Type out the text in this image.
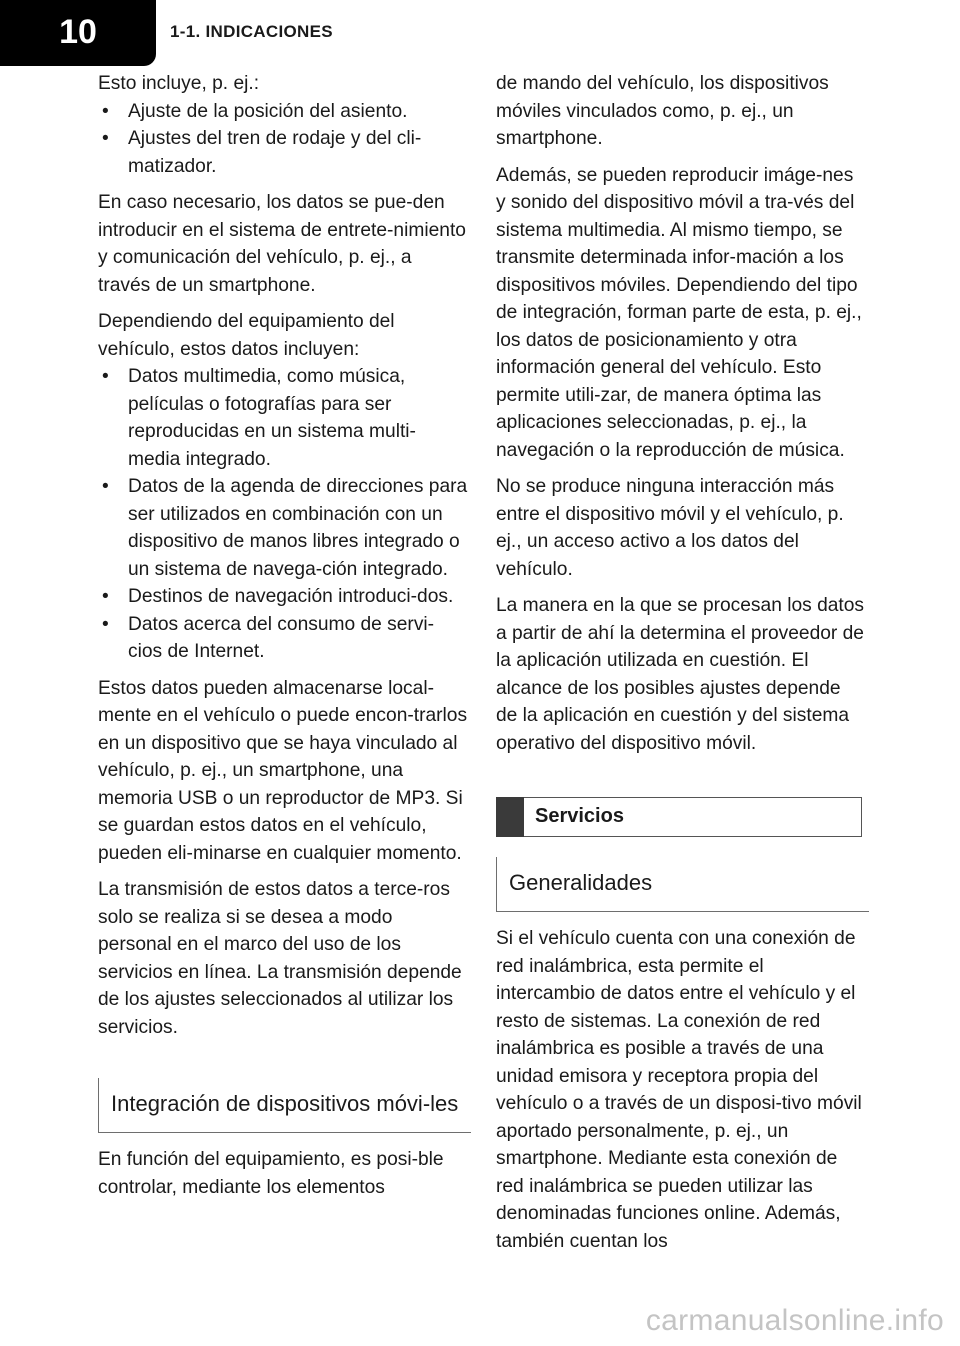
10	1-1. INDICACIONES

Esto incluye, p. ej.:

• Ajuste de la posición del asiento.
• Ajustes del tren de rodaje y del cli-matizador.

En caso necesario, los datos se pue-den introducir en el sistema de entrete-nimiento y comunicación del vehículo, p. ej., a través de un smartphone.

Dependiendo del equipamiento del vehículo, estos datos incluyen:

• Datos multimedia, como música, películas o fotografías para ser reproducidas en un sistema multi-media integrado.
• Datos de la agenda de direcciones para ser utilizados en combinación con un dispositivo de manos libres integrado o un sistema de navega-ción integrado.
• Destinos de navegación introduci-dos.
• Datos acerca del consumo de servi-cios de Internet.

Estos datos pueden almacenarse local-mente en el vehículo o puede encon-trarlos en un dispositivo que se haya vinculado al vehículo, p. ej., un smartphone, una memoria USB o un reproductor de MP3. Si se guardan estos datos en el vehículo, pueden eli-minarse en cualquier momento.

La transmisión de estos datos a terce-ros solo se realiza si se desea a modo personal en el marco del uso de los servicios en línea. La transmisión depende de los ajustes seleccionados al utilizar los servicios.

Integración de dispositivos móvi-les

En función del equipamiento, es posi-ble controlar, mediante los elementos

de mando del vehículo, los dispositivos móviles vinculados como, p. ej., un smartphone.

Además, se pueden reproducir imáge-nes y sonido del dispositivo móvil a tra-vés del sistema multimedia. Al mismo tiempo, se transmite determinada infor-mación a los dispositivos móviles. Dependiendo del tipo de integración, forman parte de esta, p. ej., los datos de posicionamiento y otra información general del vehículo. Esto permite utili-zar, de manera óptima las aplicaciones seleccionadas, p. ej., la navegación o la reproducción de música.

No se produce ninguna interacción más entre el dispositivo móvil y el vehículo, p. ej., un acceso activo a los datos del vehículo.

La manera en la que se procesan los datos a partir de ahí la determina el proveedor de la aplicación utilizada en cuestión. El alcance de los posibles ajustes depende de la aplicación en cuestión y del sistema operativo del dispositivo móvil.

Servicios
Generalidades

Si el vehículo cuenta con una conexión de red inalámbrica, esta permite el intercambio de datos entre el vehículo y el resto de sistemas. La conexión de red inalámbrica es posible a través de una unidad emisora y receptora propia del vehículo o a través de un disposi-tivo móvil aportado personalmente, p. ej., un smartphone. Mediante esta conexión de red inalámbrica se pueden utilizar las denominadas funciones online. Además, también cuentan los

carmanualsonline.info
